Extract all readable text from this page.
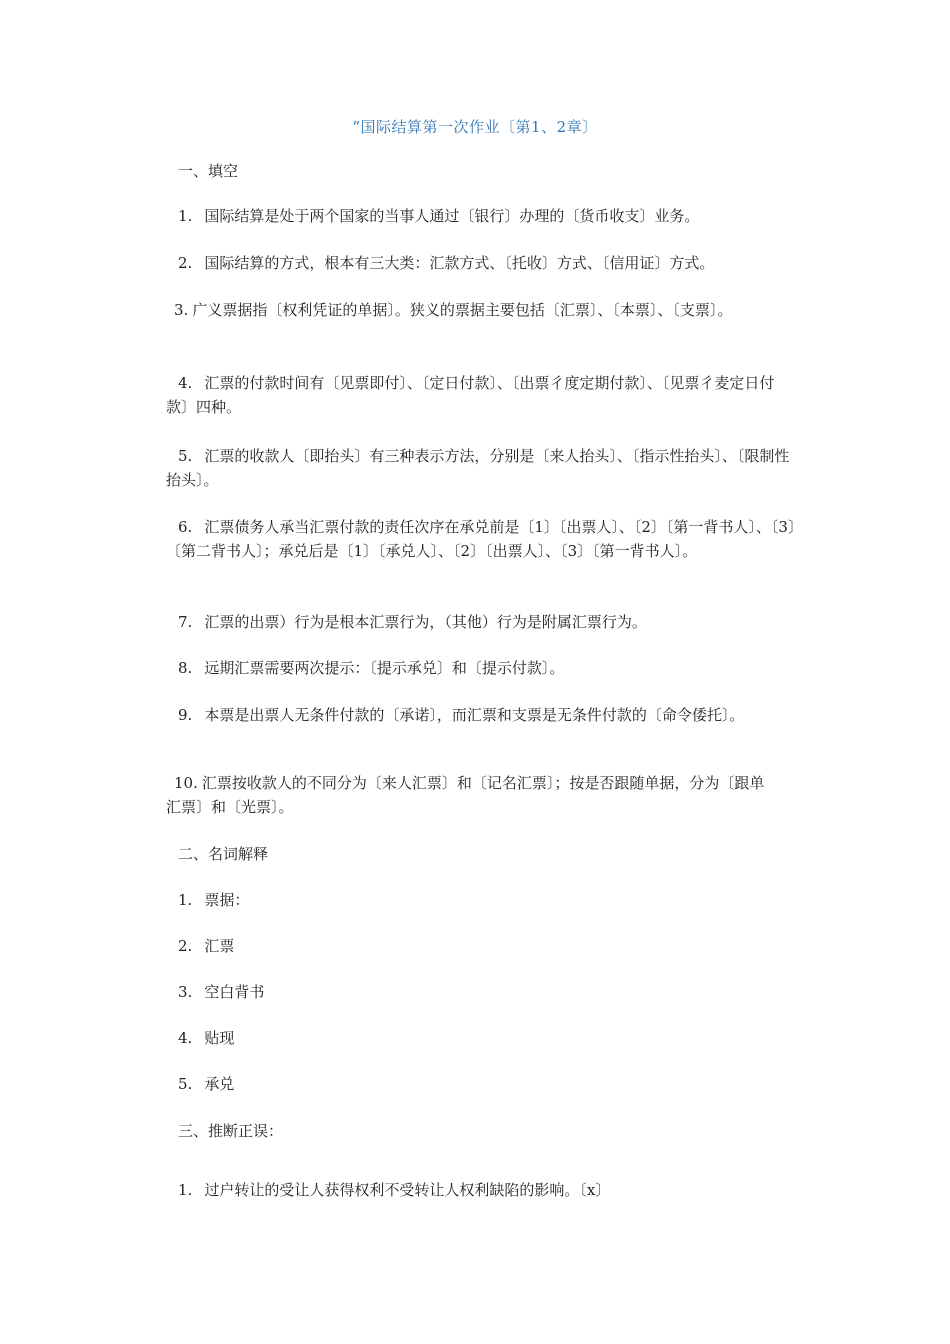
“国际结算第一次作业〔第1、2章〕
一、填空
1. 国际结算是处于两个国家的当事人通过〔银行〕办理的〔货币收支〕业务。
2. 国际结算的方式，根本有三大类：汇款方式、〔托收〕方式、〔信用证〕方式。
3. 广义票据指〔权利凭证的单据〕。狭义的票据主要包括〔汇票〕、〔本票〕、〔支票〕。
4. 汇票的付款时间有〔见票即付〕、〔定日付款〕、〔出票彳度定期付款〕、〔见票彳麦定日付款〕四种。
5. 汇票的收款人〔即抬头〕有三种表示方法，分别是〔来人抬头〕、〔指示性抬头〕、〔限制性抬头〕。
6. 汇票债务人承当汇票付款的责任次序在承兑前是〔1〕〔出票人〕、〔2〕〔第一背书人〕、〔3〕〔第二背书人〕；承兑后是〔1〕〔承兑人〕、〔2〕〔出票人〕、〔3〕〔第一背书人〕。
7. 汇票的出票）行为是根本汇票行为，（其他）行为是附属汇票行为。
8. 远期汇票需要两次提示：〔提示承兑〕和〔提示付款〕。
9. 本票是出票人无条件付款的〔承诺〕，而汇票和支票是无条件付款的〔命令倭托〕。
10. 汇票按收款人的不同分为〔来人汇票〕和〔记名汇票〕；按是否跟随单据，分为〔跟单汇票〕和〔光票〕。
二、名词解释
1. 票据：
2. 汇票
3. 空白背书
4. 贴现
5. 承兑
三、推断正误：
1. 过户转让的受让人获得权利不受转让人权利缺陷的影响。〔x〕
